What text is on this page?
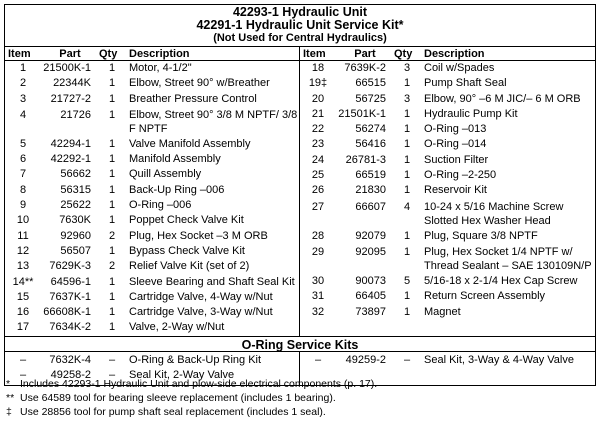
42293-1 Hydraulic Unit
42291-1 Hydraulic Unit Service Kit*
(Not Used for Central Hydraulics)
Item	Part	Qty	Description
1	21500K-1	1	Motor, 4-1/2"
2	22344K	1	Elbow, Street 90° w/Breather
3	21727-2	1	Breather Pressure Control
4	21726	1	Elbow, Street 90° 3/8 M NPTF/ 3/8 F NPTF
5	42294-1	1	Valve Manifold Assembly
6	42292-1	1	Manifold Assembly
7	56662	1	Quill Assembly
8	56315	1	Back-Up Ring –006
9	25622	1	O-Ring –006
10	7630K	1	Poppet Check Valve Kit
11	92960	2	Plug, Hex Socket –3 M ORB
12	56507	1	Bypass Check Valve Kit
13	7629K-3	2	Relief Valve Kit (set of 2)
14**	64596-1	1	Sleeve Bearing and Shaft Seal Kit
15	7637K-1	1	Cartridge Valve, 4-Way w/Nut
16	66608K-1	1	Cartridge Valve, 3-Way w/Nut
17	7634K-2	1	Valve, 2-Way w/Nut
Item	Part	Qty	Description
18	7639K-2	3	Coil w/Spades
19‡	66515	1	Pump Shaft Seal
20	56725	3	Elbow, 90° –6 M JIC/– 6 M ORB
21	21501K-1	1	Hydraulic Pump Kit
22	56274	1	O-Ring –013
23	56416	1	O-Ring –014
24	26781-3	1	Suction Filter
25	66519	1	O-Ring –2-250
26	21830	1	Reservoir Kit
27	66607	4	10-24 x 5/16 Machine Screw Slotted Hex Washer Head
28	92079	1	Plug, Square 3/8 NPTF
29	92095	1	Plug, Hex Socket 1/4 NPTF w/ Thread Sealant – SAE 130109N/P
30	90073	5	5/16-18 x 2-1/4 Hex Cap Screw
31	66405	1	Return Screen Assembly
32	73897	1	Magnet
O-Ring Service Kits
–	7632K-4	–	O-Ring & Back-Up Ring Kit
–	49258-2	–	Seal Kit, 2-Way Valve
–	49259-2	–	Seal Kit, 3-Way & 4-Way Valve
* Includes 42293-1 Hydraulic Unit and plow-side electrical components (p. 17).
** Use 64589 tool for bearing sleeve replacement (includes 1 bearing).
‡ Use 28856 tool for pump shaft seal replacement (includes 1 seal).
